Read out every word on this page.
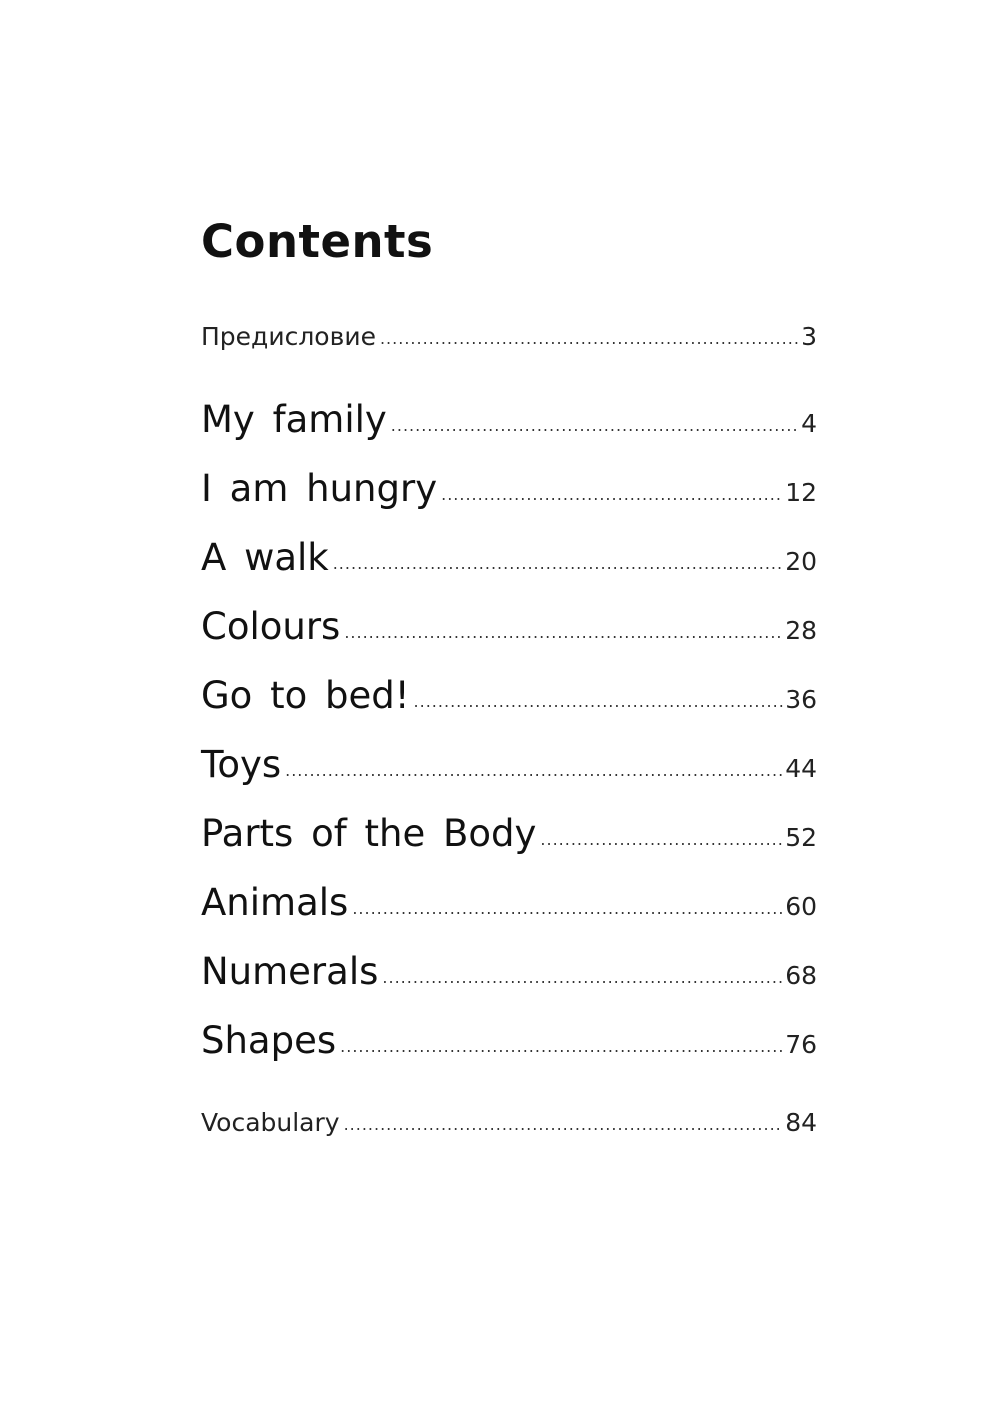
Contents
Предисловие .....	3
My family .....	4
I am hungry .....	12
A walk .....	20
Colours .....	28
Go to bed! .....	36
Toys .....	44
Parts of the Body .....	52
Animals .....	60
Numerals .....	68
Shapes .....	76
Vocabulary .....	84
